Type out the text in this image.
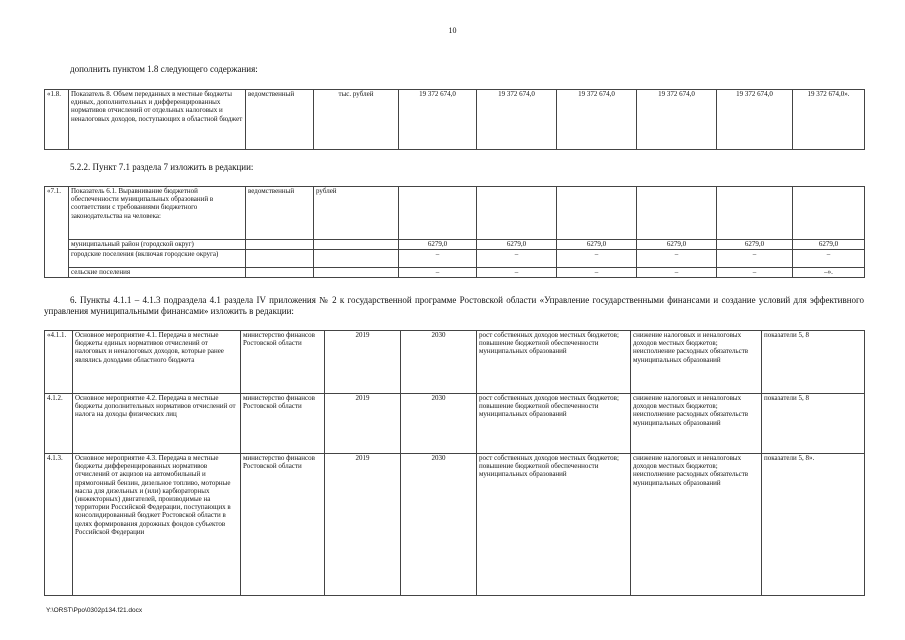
10
дополнить пунктом 1.8 следующего содержания:
«1.8.	Показатель 8. Объем переданных в местные бюджеты единых, дополнительных и дифференцированных нормативов отчислений от отдельных налоговых и неналоговых доходов, поступающих в областной бюджет	ведомственный	тыс. рублей	19 372 674,0	19 372 674,0	19 372 674,0	19 372 674,0	19 372 674,0	19 372 674,0».
5.2.2. Пункт 7.1 раздела 7 изложить в редакции:
«7.1.	Показатель 6.1. Выравнивание бюджетной обеспеченности муниципальных образований в соответствии с требованиями бюджетного законодательства на человека:	ведомственный	рублей						
	муниципальный район (городской округ)			6279,0	6279,0	6279,0	6279,0	6279,0	6279,0
	городские поселения (включая городские округа)			–	–	–	–	–	–
	сельские поселения			–	–	–	–	–	–».
6. Пункты 4.1.1 – 4.1.3 подраздела 4.1 раздела IV приложения № 2 к государственной программе Ростовской области «Управление государственными финансами и создание условий для эффективного управления муниципальными финансами» изложить в редакции:
«4.1.1.	Основное мероприятие 4.1. Передача в местные бюджеты единых нормативов отчислений от налоговых и неналоговых доходов, которые ранее являлись доходами областного бюджета	министерство финансов Ростовской области	2019	2030	рост собственных доходов местных бюджетов; повышение бюджетной обеспеченности муниципальных образований	снижение налоговых и неналоговых доходов местных бюджетов; неисполнение расходных обязательств муниципальных образований	показатели 5, 8
4.1.2.	Основное мероприятие 4.2. Передача в местные бюджеты дополнительных нормативов отчислений от налога на доходы физических лиц	министерство финансов Ростовской области	2019	2030	рост собственных доходов местных бюджетов; повышение бюджетной обеспеченности муниципальных образований	снижение налоговых и неналоговых доходов местных бюджетов; неисполнение расходных обязательств муниципальных образований	показатели 5, 8
4.1.3.	Основное мероприятие 4.3. Передача в местные бюджеты дифференцированных нормативов отчислений от акцизов на автомобильный и прямогонный бензин, дизельное топливо, моторные масла для дизельных и (или) карбюраторных (инжекторных) двигателей, производимые на территории Российской Федерации, поступающих в консолидированный бюджет Ростовской области в целях формирования дорожных фондов субъектов Российской Федерации	министерство финансов Ростовской области	2019	2030	рост собственных доходов местных бюджетов; повышение бюджетной обеспеченности муниципальных образований	снижение налоговых и неналоговых доходов местных бюджетов; неисполнение расходных обязательств муниципальных образований	показатели 5, 8».
Y:\ORST\Ppo\0302p134.f21.docx
